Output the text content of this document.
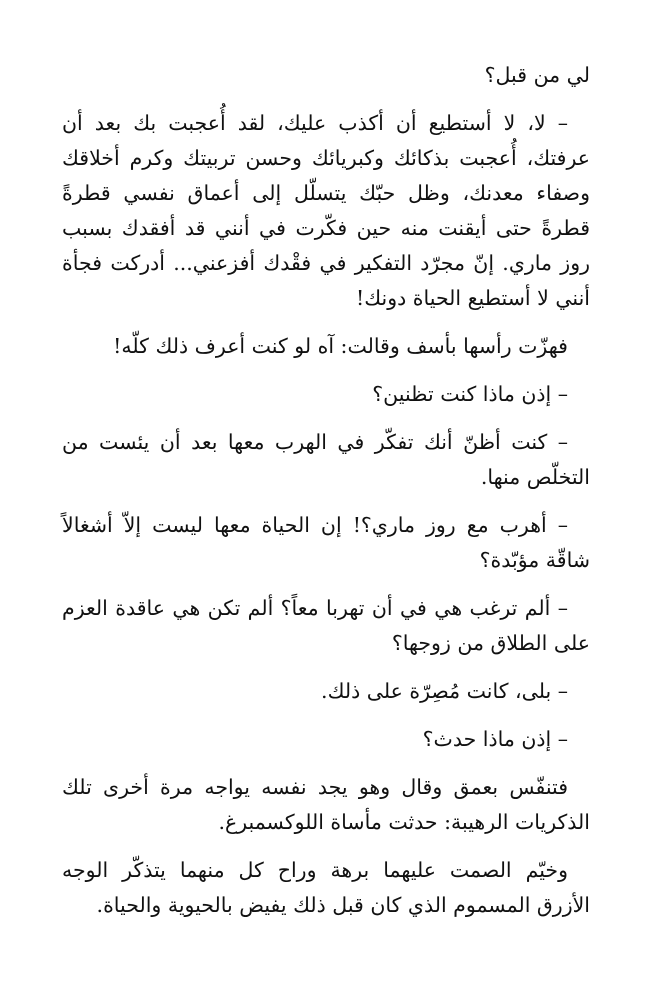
لي من قبل؟

– لا، لا أستطيع أن أكذب عليك، لقد أُعجبت بك بعد أن عرفتك، أُعجبت بذكائك وكبريائك وحسن تربيتك وكرم أخلاقك وصفاء معدنك، وظل حبّك يتسلّل إلى أعماق نفسي قطرةً قطرةً حتى أيقنت منه حين فكّرت في أنني قد أفقدك بسبب روز ماري. إنّ مجرّد التفكير في فقْدك أفزعني... أدركت فجأة أنني لا أستطيع الحياة دونك!

فهزّت رأسها بأسف وقالت: آه لو كنت أعرف ذلك كلّه!

– إذن ماذا كنت تظنين؟

– كنت أظنّ أنك تفكّر في الهرب معها بعد أن يئست من التخلّص منها.

– أهرب مع روز ماري؟! إن الحياة معها ليست إلاّ أشغالاً شاقّة مؤبّدة؟

– ألم ترغب هي في أن تهربا معاً؟ ألم تكن هي عاقدة العزم على الطلاق من زوجها؟

– بلى، كانت مُصِرّة على ذلك.

– إذن ماذا حدث؟

فتنفّس بعمق وقال وهو يجد نفسه يواجه مرة أخرى تلك الذكريات الرهيبة: حدثت مأساة اللوكسمبرغ.

وخيّم الصمت عليهما برهة وراح كل منهما يتذكّر الوجه الأزرق المسموم الذي كان قبل ذلك يفيض بالحيوية والحياة.
